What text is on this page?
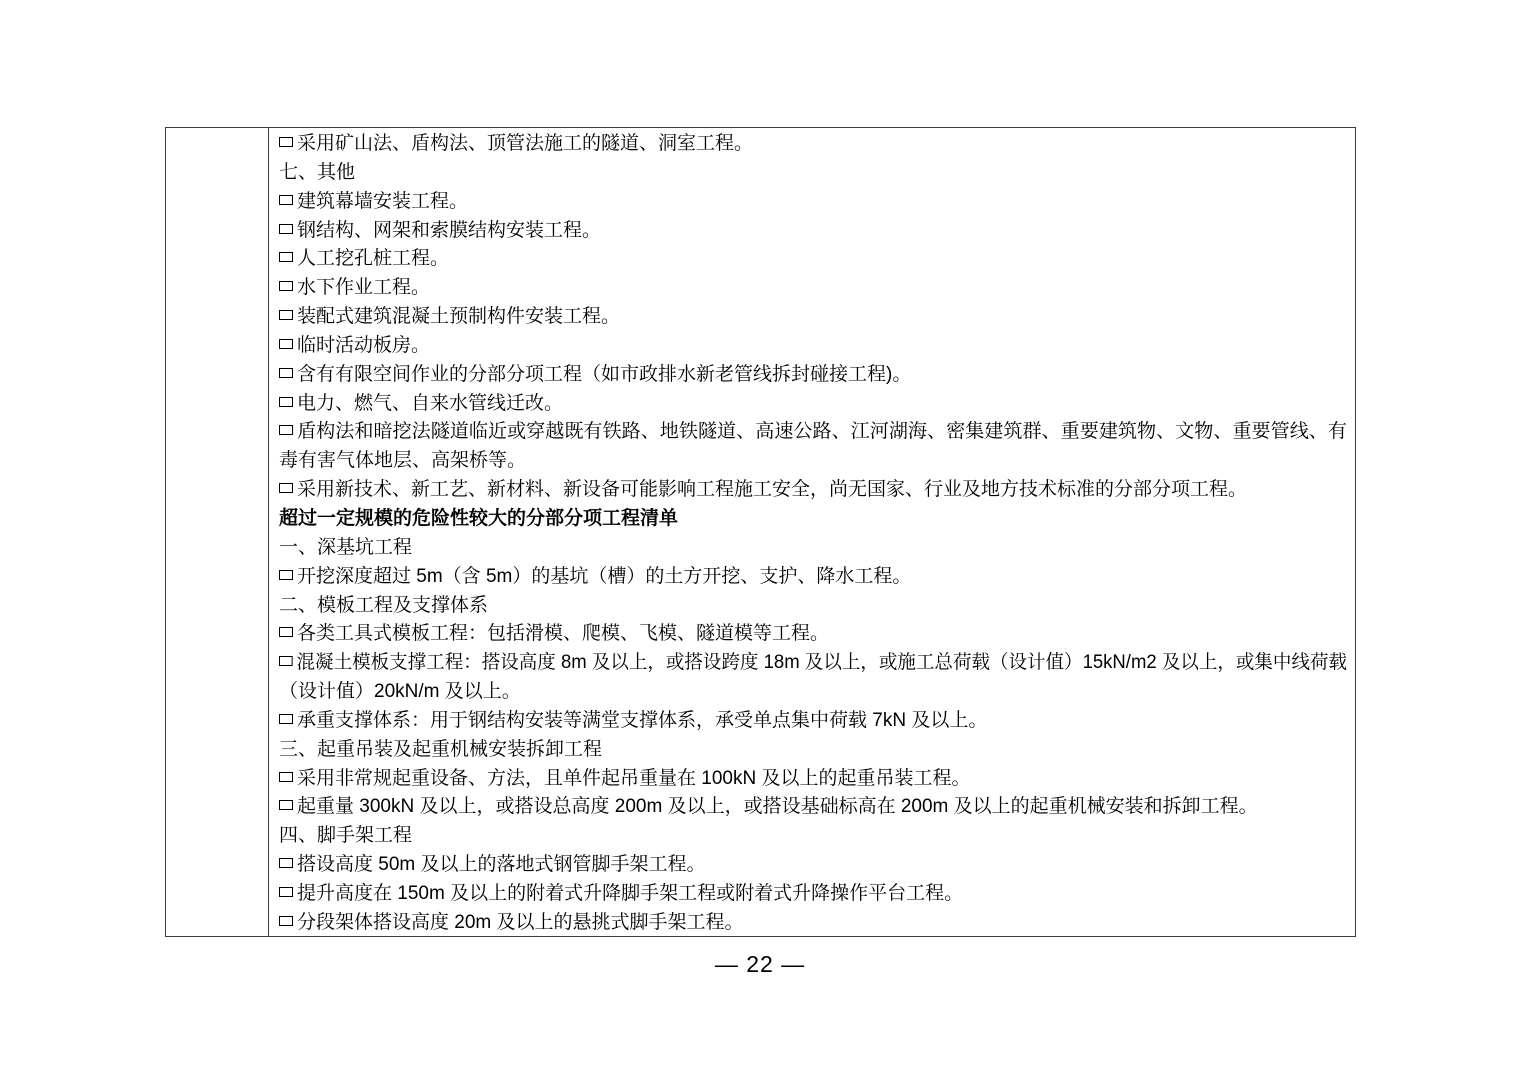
采用矿山法、盾构法、顶管法施工的隧道、洞室工程。
七、其他
建筑幕墙安装工程。
钢结构、网架和索膜结构安装工程。
人工挖孔桩工程。
水下作业工程。
装配式建筑混凝土预制构件安装工程。
临时活动板房。
含有有限空间作业的分部分项工程（如市政排水新老管线拆封碰接工程)。
电力、燃气、自来水管线迁改。
盾构法和暗挖法隧道临近或穿越既有铁路、地铁隧道、高速公路、江河湖海、密集建筑群、重要建筑物、文物、重要管线、有
毒有害气体地层、高架桥等。
采用新技术、新工艺、新材料、新设备可能影响工程施工安全，尚无国家、行业及地方技术标准的分部分项工程。
超过一定规模的危险性较大的分部分项工程清单
一、深基坑工程
开挖深度超过 5m（含 5m）的基坑（槽）的土方开挖、支护、降水工程。
二、模板工程及支撑体系
各类工具式模板工程：包括滑模、爬模、飞模、隧道模等工程。
混凝土模板支撑工程：搭设高度 8m 及以上，或搭设跨度 18m 及以上，或施工总荷载（设计值）15kN/m2 及以上，或集中线荷载
（设计值）20kN/m 及以上。
承重支撑体系：用于钢结构安装等满堂支撑体系，承受单点集中荷载 7kN 及以上。
三、起重吊装及起重机械安装拆卸工程
采用非常规起重设备、方法，且单件起吊重量在 100kN 及以上的起重吊装工程。
起重量 300kN 及以上，或搭设总高度 200m 及以上，或搭设基础标高在 200m 及以上的起重机械安装和拆卸工程。
四、脚手架工程
搭设高度 50m 及以上的落地式钢管脚手架工程。
提升高度在 150m 及以上的附着式升降脚手架工程或附着式升降操作平台工程。
分段架体搭设高度 20m 及以上的悬挑式脚手架工程。
— 22 —
